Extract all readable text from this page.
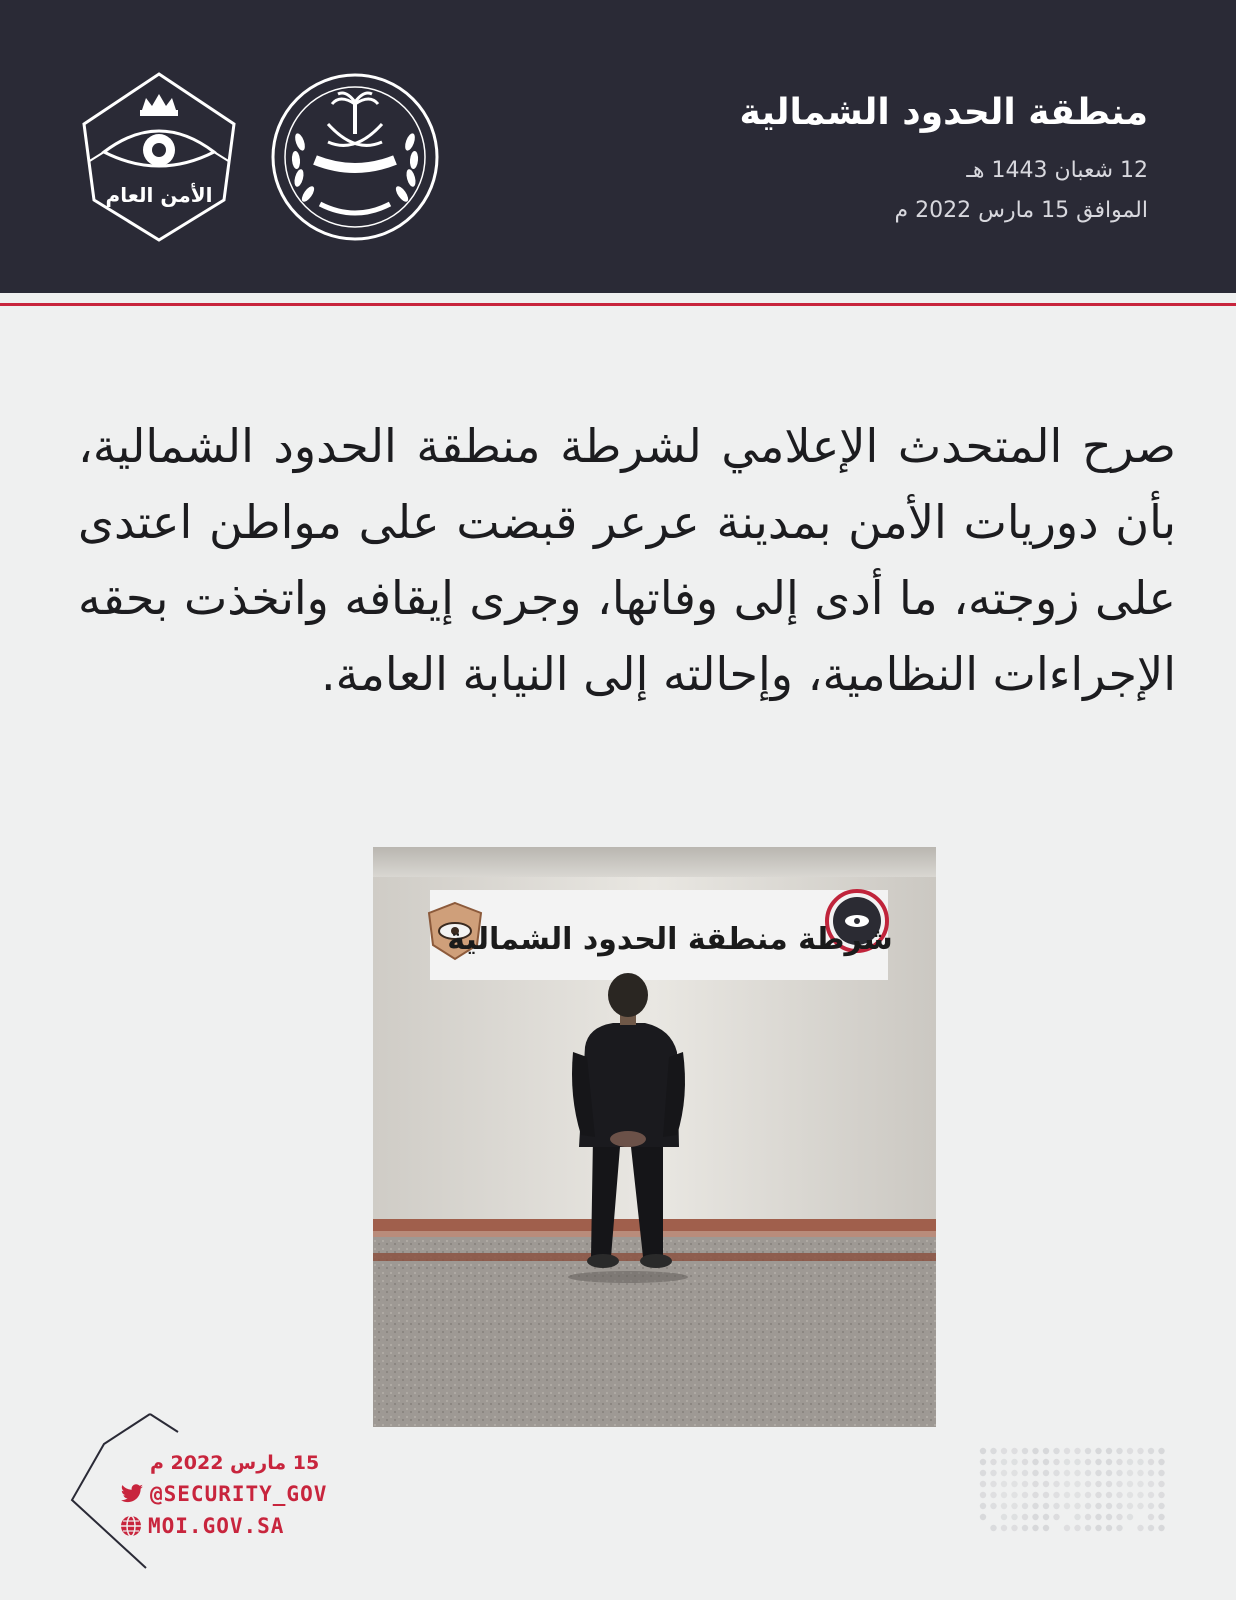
منطقة الحدود الشمالية
12 شعبان 1443 هـ
الموافق 15 مارس 2022 م
الأمن العام

صرح المتحدث الإعلامي لشرطة منطقة الحدود الشمالية، بأن دوريات الأمن بمدينة عرعر قبضت على مواطن اعتدى على زوجته، ما أدى إلى وفاتها، وجرى إيقافه واتخذت بحقه الإجراءات النظامية، وإحالته إلى النيابة العامة.

شرطة منطقة الحدود الشمالية
15 مارس 2022 م
@SECURITY_GOV
MOI.GOV.SA
